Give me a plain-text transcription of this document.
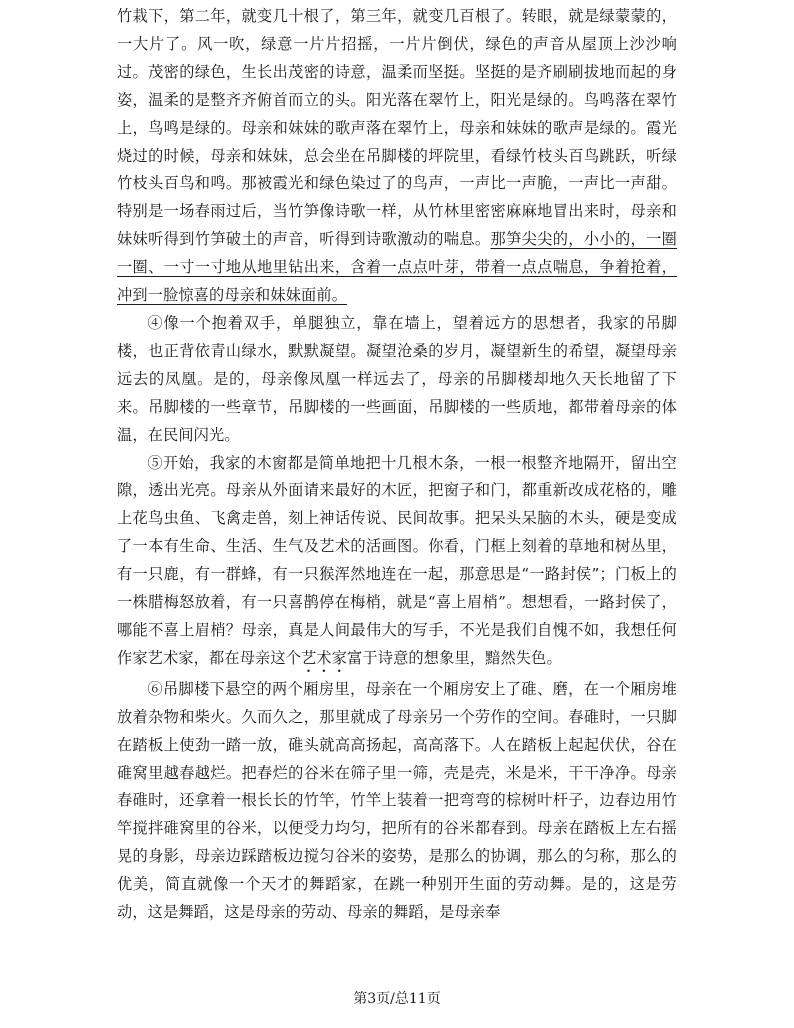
竹栽下，第二年，就变几十根了，第三年，就变几百根了。转眼，就是绿蒙蒙的，一大片了。风一吹，绿意一片片招摇，一片片倒伏，绿色的声音从屋顶上沙沙响过。茂密的绿色，生长出茂密的诗意，温柔而坚挺。坚挺的是齐刷刷拔地而起的身姿，温柔的是整齐齐俯首而立的头。阳光落在翠竹上，阳光是绿的。鸟鸣落在翠竹上，鸟鸣是绿的。母亲和妹妹的歌声落在翠竹上，母亲和妹妹的歌声是绿的。霞光烧过的时候，母亲和妹妹，总会坐在吊脚楼的坪院里，看绿竹枝头百鸟跳跃，听绿竹枝头百鸟和鸣。那被霞光和绿色染过了的鸟声，一声比一声脆，一声比一声甜。特别是一场春雨过后，当竹笋像诗歌一样，从竹林里密密麻麻地冒出来时，母亲和妹妹听得到竹笋破土的声音，听得到诗歌激动的喘息。那笋尖尖的，小小的，一圈一圈、一寸一寸地从地里钻出来，含着一点点叶芽，带着一点点喘息，争着抢着，冲到一脸惊喜的母亲和妹妹面前。

④像一个抱着双手，单腿独立，靠在墙上，望着远方的思想者，我家的吊脚楼，也正背依青山绿水，默默凝望。凝望沧桑的岁月，凝望新生的希望，凝望母亲远去的凤凰。是的，母亲像凤凰一样远去了，母亲的吊脚楼却地久天长地留了下来。吊脚楼的一些章节，吊脚楼的一些画面，吊脚楼的一些质地，都带着母亲的体温，在民间闪光。

⑤开始，我家的木窗都是简单地把十几根木条，一根一根整齐地隔开，留出空隙，透出光亮。母亲从外面请来最好的木匠，把窗子和门，都重新改成花格的，雕上花鸟虫鱼、飞禽走兽，刻上神话传说、民间故事。把呆头呆脑的木头，硬是变成了一本有生命、生活、生气及艺术的活画图。你看，门框上刻着的草地和树丛里，有一只鹿，有一群蜂，有一只猴浑然地连在一起，那意思是“一路封侯”；门板上的一株腊梅怒放着，有一只喜鹊停在梅梢，就是“喜上眉梢”。想想看，一路封侯了，哪能不喜上眉梢？母亲，真是人间最伟大的写手，不光是我们自愧不如，我想任何作家艺术家，都在母亲这个艺术家富于诗意的想象里，黯然失色。

⑥吊脚楼下悬空的两个厢房里，母亲在一个厢房安上了碓、磨，在一个厢房堆放着杂物和柴火。久而久之，那里就成了母亲另一个劳作的空间。春碓时，一只脚在踏板上使劲一踏一放，碓头就高高扬起，高高落下。人在踏板上起起伏伏，谷在碓窝里越春越烂。把春烂的谷米在筛子里一筛，壳是壳，米是米，干干净净。母亲春碓时，还拿着一根长长的竹竿，竹竿上装着一把弯弯的棕树叶杆子，边春边用竹竿搅拌碓窝里的谷米，以便受力均匀，把所有的谷米都春到。母亲在踏板上左右摇晃的身影，母亲边踩踏板边搅匀谷米的姿势，是那么的协调，那么的匀称，那么的优美，简直就像一个天才的舞蹈家，在跳一种别开生面的劳动舞。是的，这是劳动，这是舞蹈，这是母亲的劳动、母亲的舞蹈，是母亲奉

第3页/总11页
